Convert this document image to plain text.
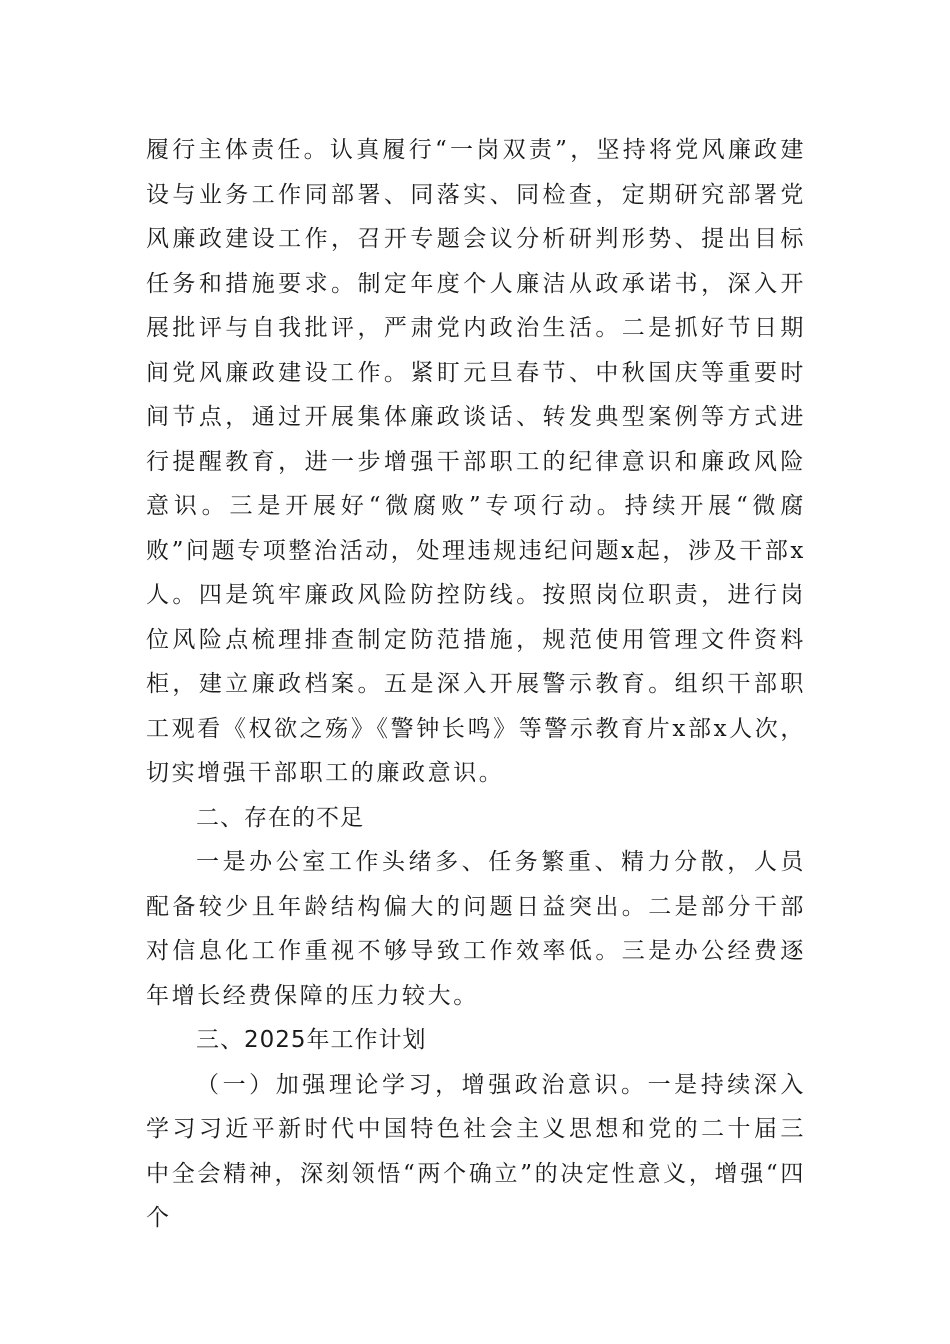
履行主体责任。认真履行“一岗双责”，坚持将党风廉政建设与业务工作同部署、同落实、同检查，定期研究部署党风廉政建设工作，召开专题会议分析研判形势、提出目标任务和措施要求。制定年度个人廉洁从政承诺书，深入开展批评与自我批评，严肃党内政治生活。二是抓好节日期间党风廉政建设工作。紧盯元旦春节、中秋国庆等重要时间节点，通过开展集体廉政谈话、转发典型案例等方式进行提醒教育，进一步增强干部职工的纪律意识和廉政风险意识。三是开展好“微腐败”专项行动。持续开展“微腐败”问题专项整治活动，处理违规违纪问题x起，涉及干部x人。四是筑牢廉政风险防控防线。按照岗位职责，进行岗位风险点梳理排查制定防范措施，规范使用管理文件资料柜，建立廉政档案。五是深入开展警示教育。组织干部职工观看《权欲之殇》《警钟长鸣》等警示教育片x部x人次，切实增强干部职工的廉政意识。

二、存在的不足

一是办公室工作头绪多、任务繁重、精力分散，人员配备较少且年龄结构偏大的问题日益突出。二是部分干部对信息化工作重视不够导致工作效率低。三是办公经费逐年增长经费保障的压力较大。

三、2025年工作计划

（一）加强理论学习，增强政治意识。一是持续深入学习习近平新时代中国特色社会主义思想和党的二十届三中全会精神，深刻领悟“两个确立”的决定性意义，增强“四个
